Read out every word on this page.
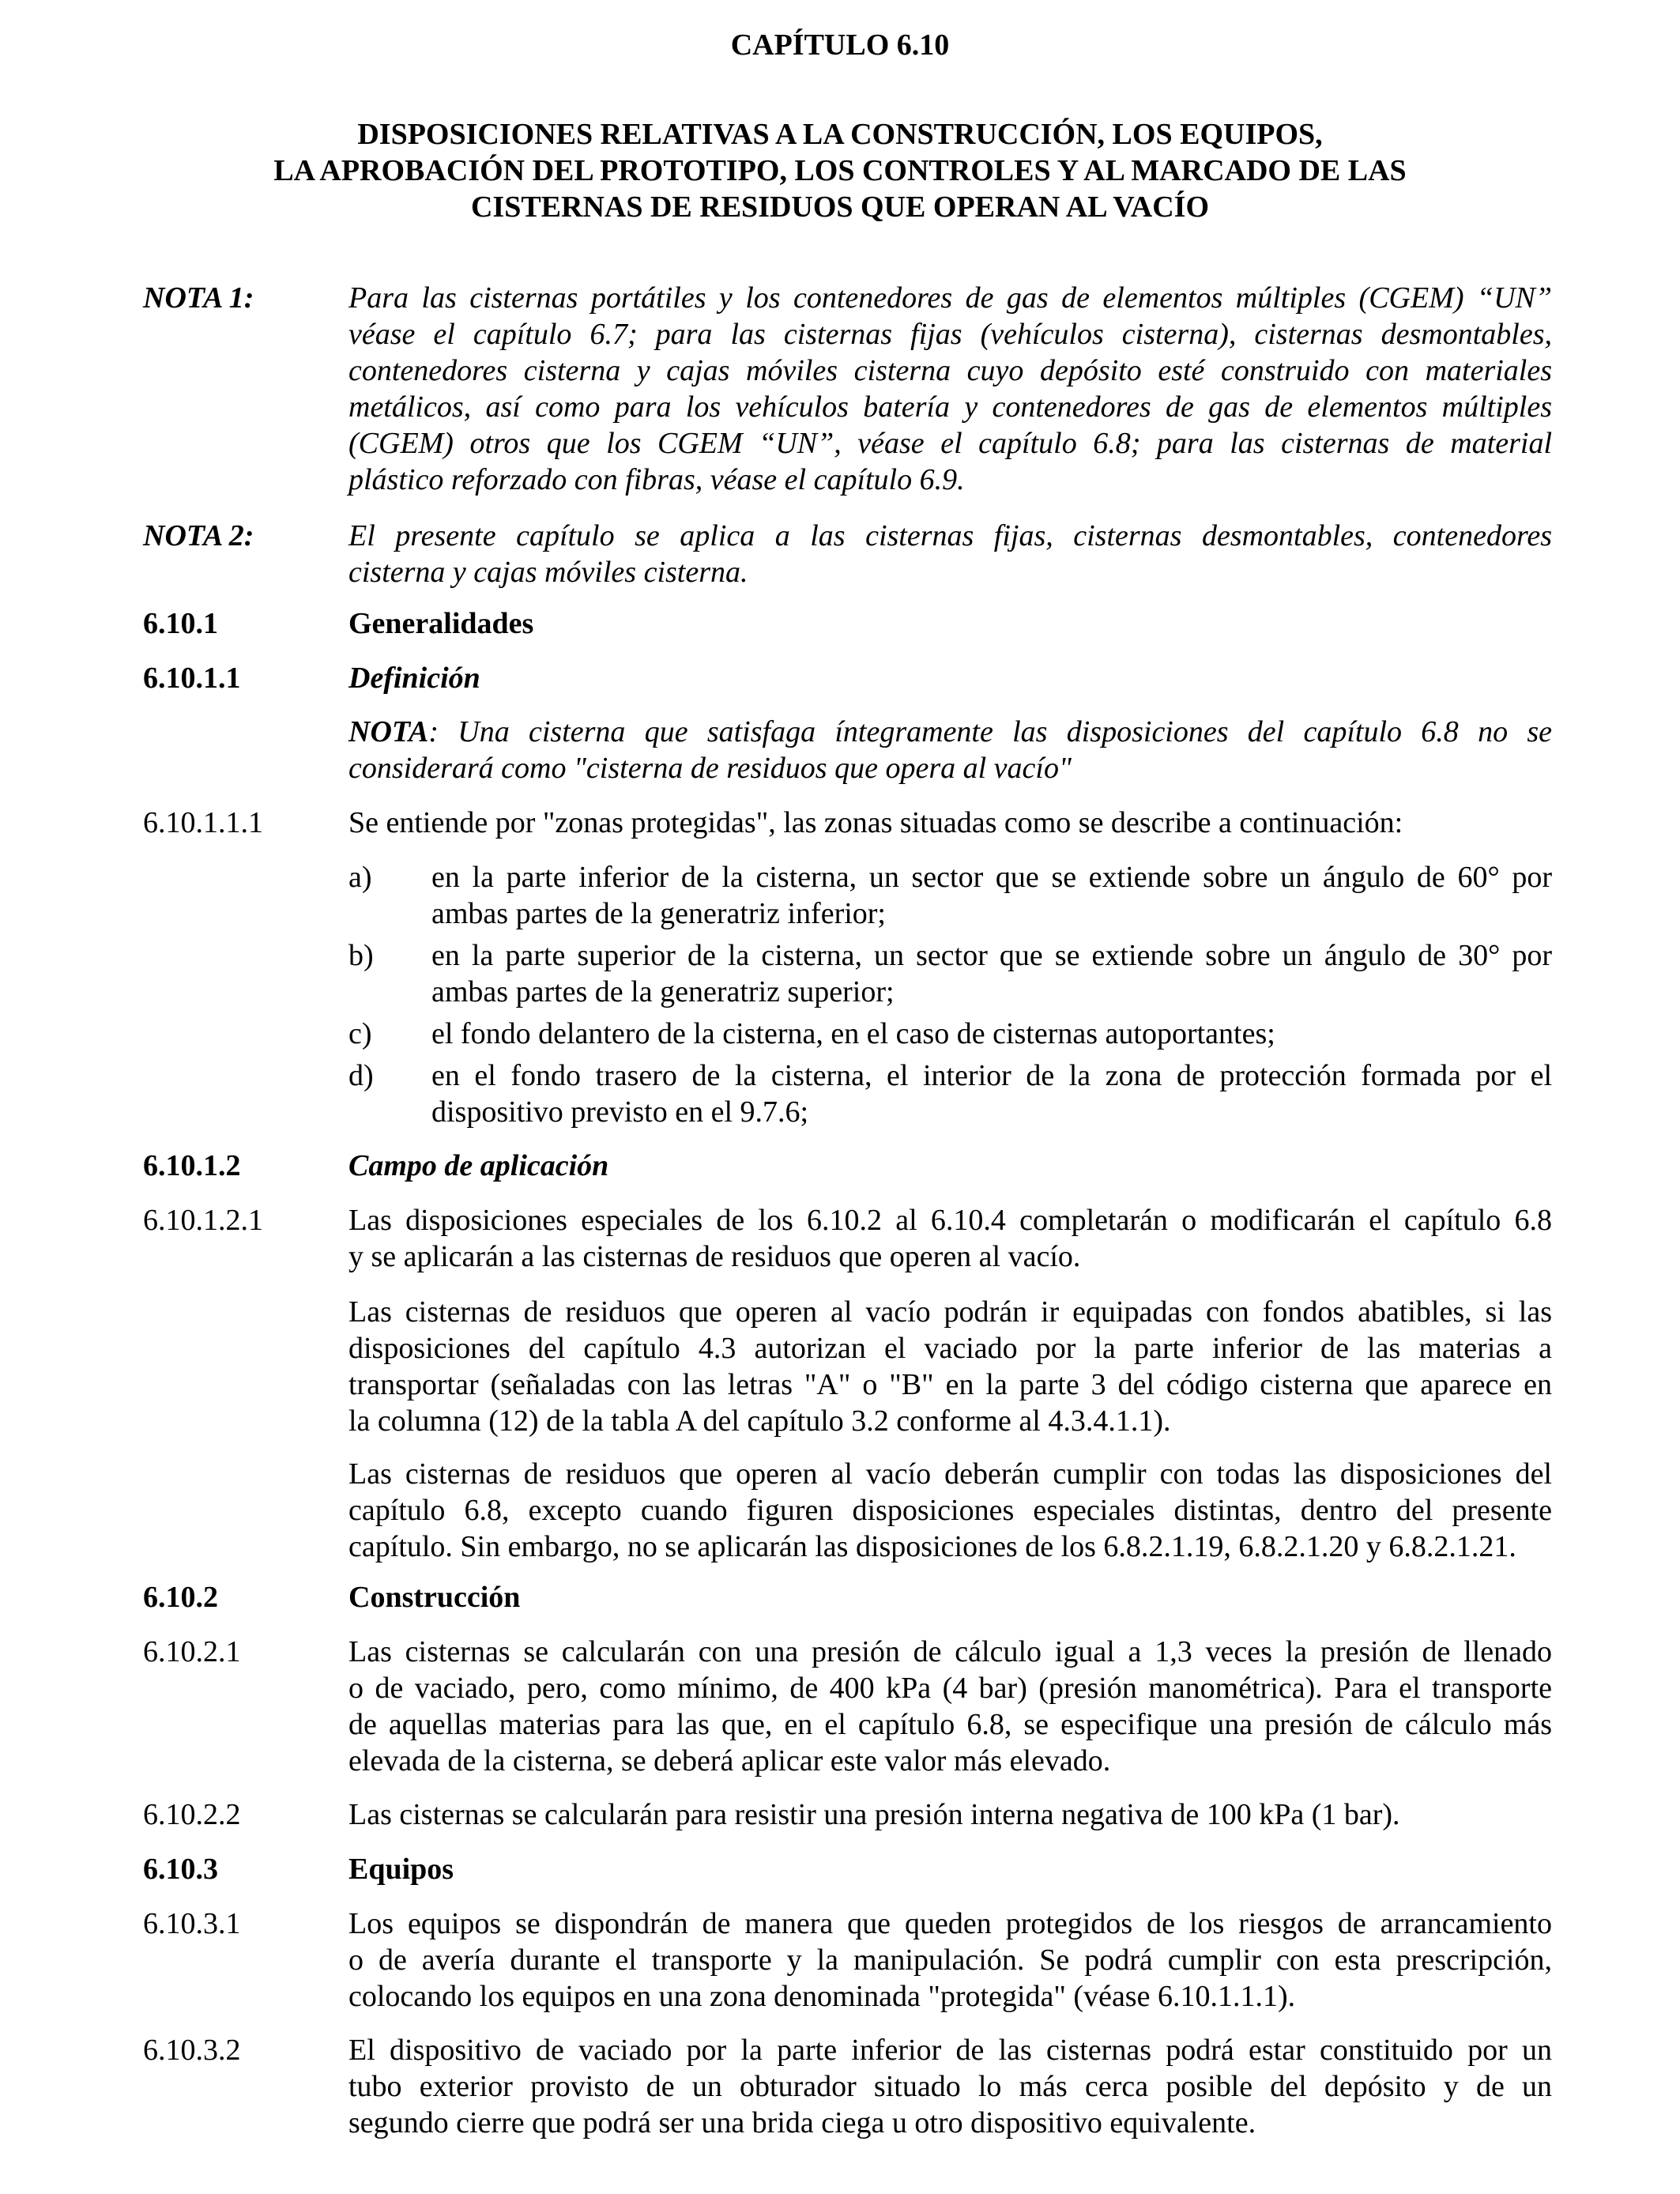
CAPÍTULO 6.10
DISPOSICIONES RELATIVAS A LA CONSTRUCCIÓN, LOS EQUIPOS,
LA APROBACIÓN DEL PROTOTIPO, LOS CONTROLES Y AL MARCADO DE LAS
CISTERNAS DE RESIDUOS QUE OPERAN AL VACÍO
NOTA 1:	Para las cisternas portátiles y los contenedores de gas de elementos múltiples (CGEM) “UN”
véase el capítulo 6.7; para las cisternas fijas (vehículos cisterna), cisternas desmontables,
contenedores cisterna y cajas móviles cisterna cuyo depósito esté construido con materiales
metálicos, así como para los vehículos batería y contenedores de gas de elementos múltiples
(CGEM) otros que los CGEM “UN”, véase el capítulo 6.8; para las cisternas de material
plástico reforzado con fibras, véase el capítulo 6.9.
NOTA 2:	El presente capítulo se aplica a las cisternas fijas, cisternas desmontables, contenedores
cisterna y cajas móviles cisterna.
6.10.1	Generalidades
6.10.1.1	Definición
NOTA: Una cisterna que satisfaga íntegramente las disposiciones del capítulo 6.8 no se
considerará como "cisterna de residuos que opera al vacío"
6.10.1.1.1	Se entiende por "zonas protegidas", las zonas situadas como se describe a continuación:
a) en la parte inferior de la cisterna, un sector que se extiende sobre un ángulo de 60° por
ambas partes de la generatriz inferior;
b) en la parte superior de la cisterna, un sector que se extiende sobre un ángulo de 30° por
ambas partes de la generatriz superior;
c) el fondo delantero de la cisterna, en el caso de cisternas autoportantes;
d) en el fondo trasero de la cisterna, el interior de la zona de protección formada por el
dispositivo previsto en el 9.7.6;
6.10.1.2	Campo de aplicación
6.10.1.2.1	Las disposiciones especiales de los 6.10.2 al 6.10.4 completarán o modificarán el capítulo 6.8
y se aplicarán a las cisternas de residuos que operen al vacío.
Las cisternas de residuos que operen al vacío podrán ir equipadas con fondos abatibles, si las
disposiciones del capítulo 4.3 autorizan el vaciado por la parte inferior de las materias a
transportar (señaladas con las letras "A" o "B" en la parte 3 del código cisterna que aparece en
la columna (12) de la tabla A del capítulo 3.2 conforme al 4.3.4.1.1).
Las cisternas de residuos que operen al vacío deberán cumplir con todas las disposiciones del
capítulo 6.8, excepto cuando figuren disposiciones especiales distintas, dentro del presente
capítulo. Sin embargo, no se aplicarán las disposiciones de los 6.8.2.1.19, 6.8.2.1.20 y 6.8.2.1.21.
6.10.2	Construcción
6.10.2.1	Las cisternas se calcularán con una presión de cálculo igual a 1,3 veces la presión de llenado
o de vaciado, pero, como mínimo, de 400 kPa (4 bar) (presión manométrica). Para el transporte
de aquellas materias para las que, en el capítulo 6.8, se especifique una presión de cálculo más
elevada de la cisterna, se deberá aplicar este valor más elevado.
6.10.2.2	Las cisternas se calcularán para resistir una presión interna negativa de 100 kPa (1 bar).
6.10.3	Equipos
6.10.3.1	Los equipos se dispondrán de manera que queden protegidos de los riesgos de arrancamiento
o de avería durante el transporte y la manipulación. Se podrá cumplir con esta prescripción,
colocando los equipos en una zona denominada "protegida" (véase 6.10.1.1.1).
6.10.3.2	El dispositivo de vaciado por la parte inferior de las cisternas podrá estar constituido por un
tubo exterior provisto de un obturador situado lo más cerca posible del depósito y de un
segundo cierre que podrá ser una brida ciega u otro dispositivo equivalente.
